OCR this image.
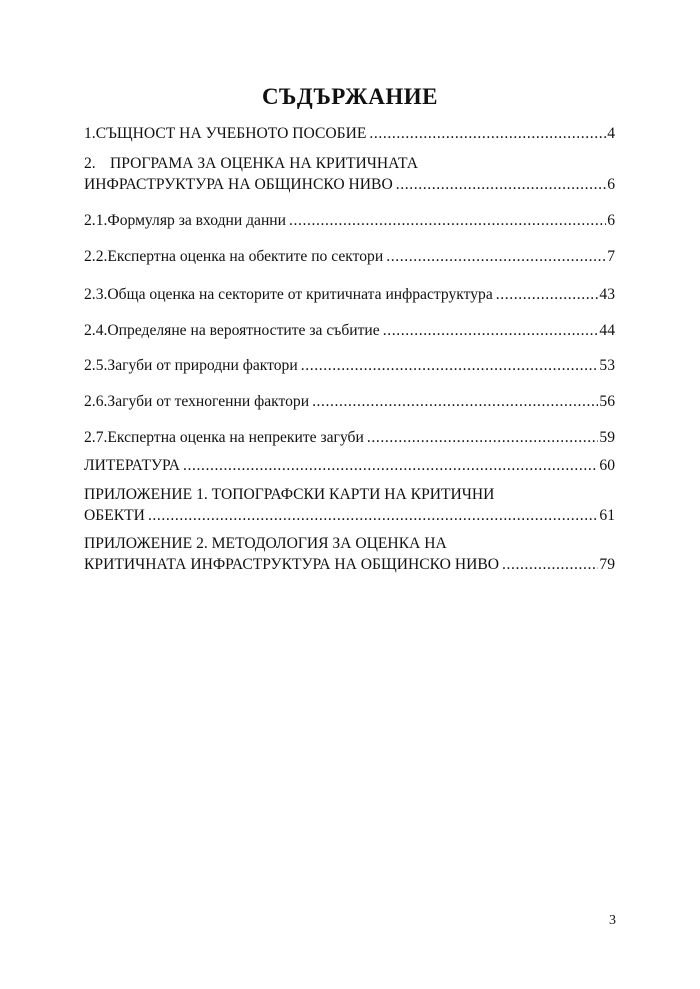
СЪДЪРЖАНИЕ
1. СЪЩНОСТ НА УЧЕБНОТО ПОСОБИЕ .....	4
2. ПРОГРАМА ЗА ОЦЕНКА НА КРИТИЧНАТА
ИНФРАСТРУКТУРА НА ОБЩИНСКО НИВО .....	6
2.1. Формуляр за входни данни .....	6
2.2. Експертна оценка на обектите по сектори .....	7
2.3. Обща оценка на секторите от критичната инфраструктура .....	43
2.4. Определяне на вероятностите за събитие .....	44
2.5. Загуби от природни фактори .....	53
2.6. Загуби от техногенни фактори .....	56
2.7. Експертна оценка на непреките загуби .....	59
ЛИТЕРАТУРА .....	60
ПРИЛОЖЕНИЕ 1. ТОПОГРАФСКИ КАРТИ НА КРИТИЧНИ
ОБЕКТИ .....	61
ПРИЛОЖЕНИЕ 2. МЕТОДОЛОГИЯ ЗА ОЦЕНКА НА
КРИТИЧНАТА ИНФРАСТРУКТУРА НА ОБЩИНСКО НИВО .....	79
3
